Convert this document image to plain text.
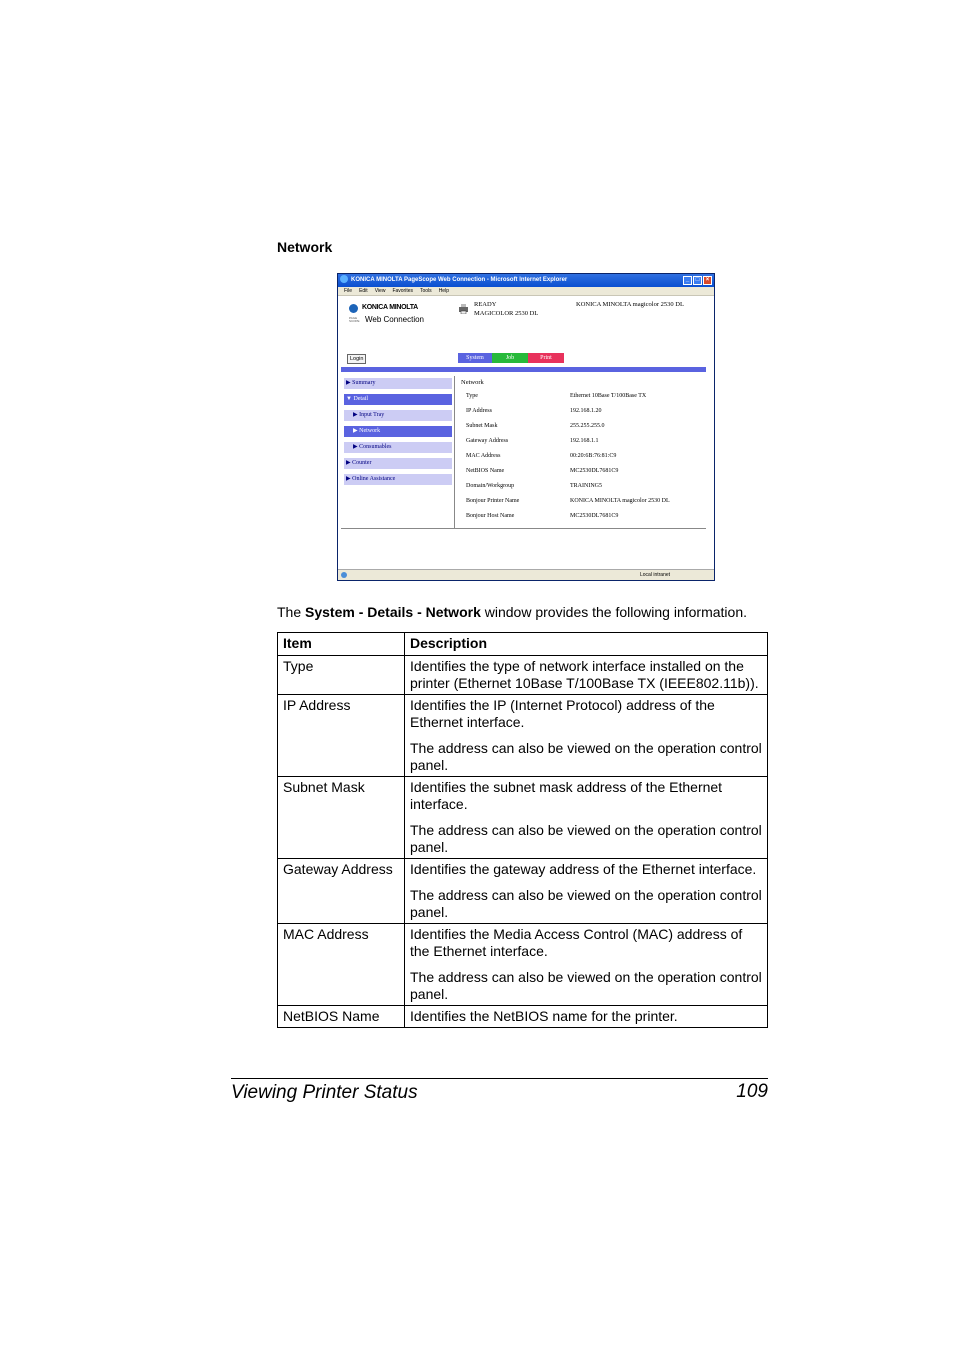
Network
KONICA MINOLTA PageScope Web Connection - Microsoft Internet Explorer	_	□	×
File Edit View Favorites Tools Help
KONICA MINOLTA
PAGE SCOPE Web Connection
READY
MAGICOLOR 2530 DL
KONICA MINOLTA magicolor 2530 DL
Login	System	Job	Print
▶ Summary
▼ Detail
▶ Input Tray
▶ Network
▶ Consumables
▶ Counter
▶ Online Assistance
Network
Type	Ethernet 10Base T/100Base TX
IP Address	192.168.1.20
Subnet Mask	255.255.255.0
Gateway Address	192.168.1.1
MAC Address	00:20:6B:76:81:C9
NetBIOS Name	MC2530DL7681C9
Domain/Workgroup	TRAINING5
Bonjour Printer Name	KONICA MINOLTA magicolor 2530 DL
Bonjour Host Name	MC2530DL7681C9
Local intranet
The System - Details - Network window provides the following information.
Item	Description
Type	Identifies the type of network interface installed on the printer (Ethernet 10Base T/100Base TX (IEEE802.11b)).

IP Address	Identifies the IP (Internet Protocol) address of the Ethernet interface.

The address can also be viewed on the operation control panel.

Subnet Mask	Identifies the subnet mask address of the Ethernet interface.

The address can also be viewed on the operation control panel.

Gateway Address	Identifies the gateway address of the Ethernet interface.

The address can also be viewed on the operation control panel.

MAC Address	Identifies the Media Access Control (MAC) address of the Ethernet interface.

The address can also be viewed on the operation control panel.

NetBIOS Name	Identifies the NetBIOS name for the printer.

Viewing Printer Status	109
